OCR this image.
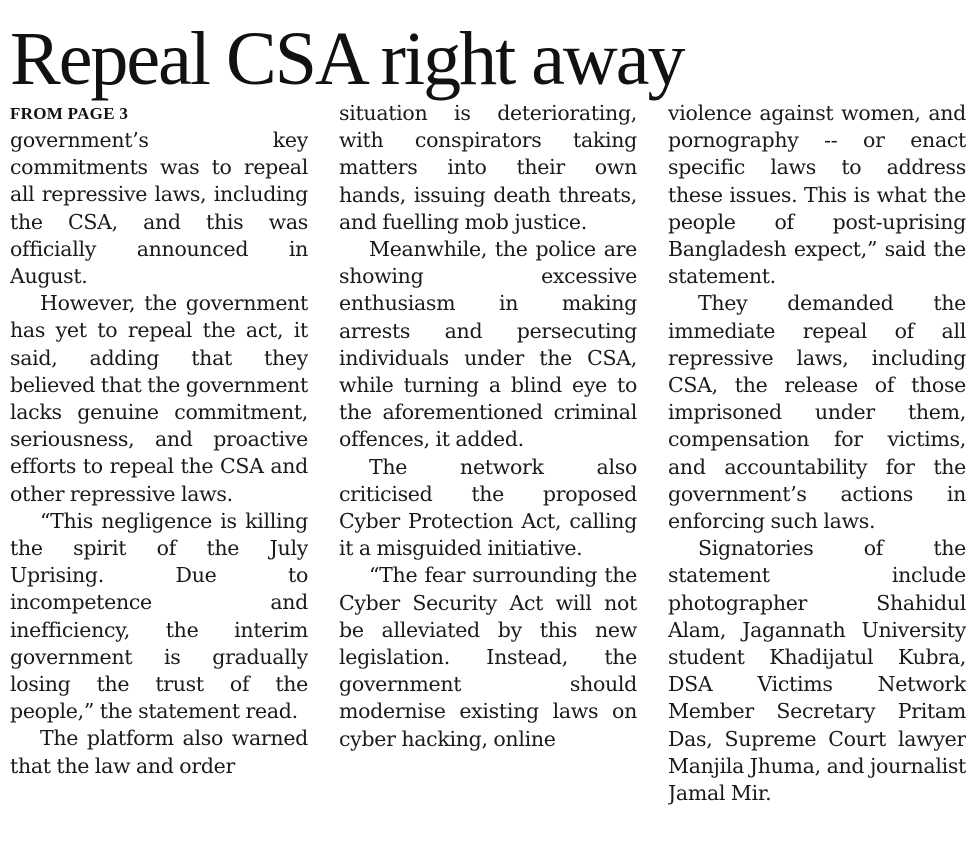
Repeal CSA right away
FROM PAGE 3

government’s key commitments was to repeal all repressive laws, including the CSA, and this was officially announced in August.

However, the government has yet to repeal the act, it said, adding that they believed that the government lacks genuine commitment, seriousness, and proactive efforts to repeal the CSA and other repressive laws.

“This negligence is killing the spirit of the July Uprising. Due to incompetence and inefficiency, the interim government is gradually losing the trust of the people,” the statement read.

The platform also warned that the law and order

situation is deteriorating, with conspirators taking matters into their own hands, issuing death threats, and fuelling mob justice.

Meanwhile, the police are showing excessive enthusiasm in making arrests and persecuting individuals under the CSA, while turning a blind eye to the aforementioned criminal offences, it added.

The network also criticised the proposed Cyber Protection Act, calling it a misguided initiative.

“The fear surrounding the Cyber Security Act will not be alleviated by this new legislation. Instead, the government should modernise existing laws on cyber hacking, online

violence against women, and pornography -- or enact specific laws to address these issues. This is what the people of post-uprising Bangladesh expect,” said the statement.

They demanded the immediate repeal of all repressive laws, including CSA, the release of those imprisoned under them, compensation for victims, and accountability for the government’s actions in enforcing such laws.

Signatories of the statement include photographer Shahidul Alam, Jagannath University student Khadijatul Kubra, DSA Victims Network Member Secretary Pritam Das, Supreme Court lawyer Manjila Jhuma, and journalist Jamal Mir.
